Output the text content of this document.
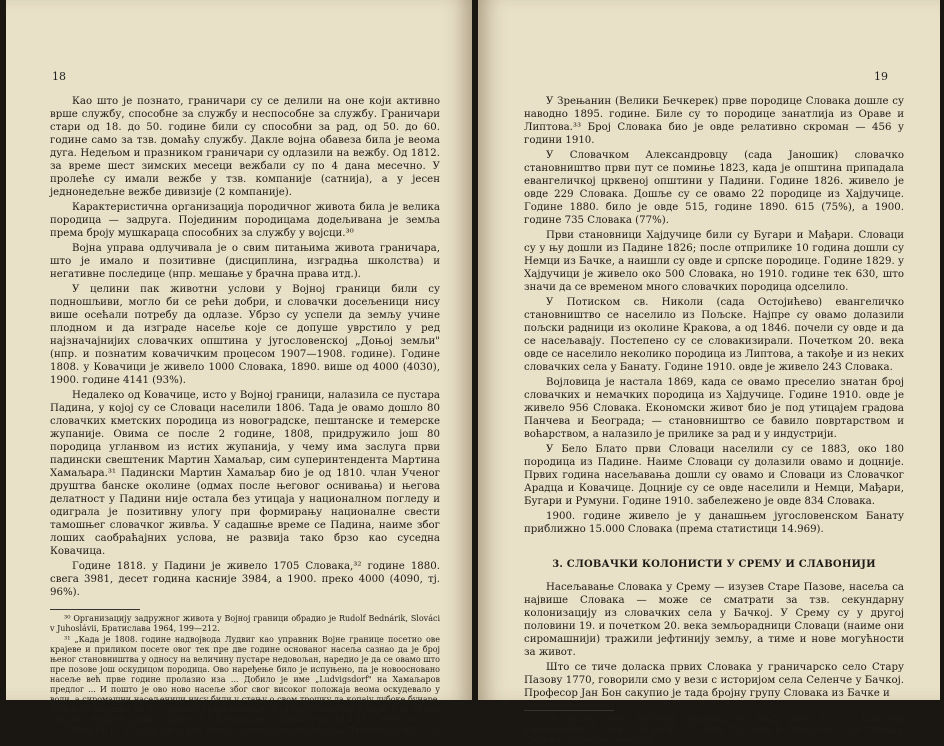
18

Као што је познато, граничари су се делили на оне који активно врше службу, способне за службу и неспособне за службу. Граничари стари од 18. до 50. године били су способни за рад, од 50. до 60. године само за тзв. домаћу службу. Дакле војна обавеза била је веома дуга. Недељом и празником граничари су одлазили на вежбу. Од 1812. за време шест зимских месеци вежбали су по 4 дана месечно. У пролеће су имали вежбе у тзв. компаније (сатнија), а у јесен једнонедељне вежбе дивизије (2 компаније).

Карактеристична организација породичног живота била је велика породица — задруга. Појединим породицама додељивана је земља према броју мушкараца способних за службу у војсци.³⁰

Војна управа одлучивала је о свим питањима живота граничара, што је имало и позитивне (дисциплина, изградња школства) и негативне последице (нпр. мешање у брачна права итд.).

У целини пак животни услови у Војној граници били су подношљиви, могло би се рећи добри, и словачки досељеници нису више осећали потребу да одлазе. Убрзо су успели да земљу учине плодном и да изграде насеље које се допуше уврстило у ред најзначајнијих словачких општина у југословенској „Доњој земљи" (нпр. и познатим ковачичким процесом 1907—1908. године). Године 1808. у Ковачици је живело 1000 Словака, 1890. више од 4000 (4030), 1900. године 4141 (93%).

Недалеко од Ковачице, исто у Војној граници, налазила се пустара Падина, у којој су се Словаци населили 1806. Тада је овамо дошло 80 словачких кметских породица из новоградске, пештанске и темерске жупаније. Овима се после 2 године, 1808, придружило још 80 породица угланвом из истих жупанија, у чему има заслуга први падински свештеник Мартин Хамаљар, сим суперинтендента Мартина Хамаљара.³¹ Падински Мартин Хамаљар био је од 1810. члан Ученог друштва банске околине (одмах после његовог оснивања) и његова делатност у Падини није остала без утицаја у националном погледу и одиграла је позитивну улогу при формирању националне свести тамошњег словачког живља. У садашње време се Падина, наиме због лоших саобраћајних услова, не развија тако брзо као суседна Ковачица.

Године 1818. у Падини је живело 1705 Словака,³² године 1880. свега 3981, десет година касније 3984, а 1900. преко 4000 (4090, тј. 96%).

³⁰ Организацију задружног живота у Војној граници обрадио је Rudolf Bednárik, Slováci v Juhoslávii, Братислава 1964, 199—212.

³¹ „Када је 1808. године надвојвода Лудвиг као управник Војне границе посетио ове крајеве и приликом посете овог тек пре две године основаног насеља сазнао да је број њеног становништва у односу на величину пустаре недовољан, наредио је да се овамо што пре позове још оскудицом породица. Ово наређење било је испуњено, па је новоосновано насеље већ прве године пролазио иза ... Добило је име „Ludvigsdorf" на Хамаљаров предлог ... И пошто је ово ново насеље због свог високог положаја веома оскудевало у води, а сиромашни насељеници нису били у стању о свом трошку да копају дубоке бунаре, Лудвиг је наредио да се о трошку ерара исконају и саздају потребни бунари и да се ови бунари о ерарном трошку одржавају у доброј стању" (Národný kalendár 1925, Petrovac, 51).

³² Kernüch K., A bánáti ágost. hitv. evang. esperesség monographiája, Темишвар 1886, 230.

19

У Зрењанин (Велики Бечкерек) прве породице Словака дошле су наводно 1895. године. Биле су то породице занатлија из Ораве и Липтова.³³ Број Словака био је овде релативно скроман — 456 у години 1910.

У Словачком Александровцу (сада Јаношик) словачко становништво први пут се помиње 1823, када је општина припадала евангеличкој црквеној општини у Падини. Године 1826. живело је овде 229 Словака. Дошље су се овамо 22 породице из Хајдучице. Године 1880. било је овде 515, године 1890. 615 (75%), а 1900. године 735 Словака (77%).

Први становници Хајдучице били су Бугари и Мађари. Словаци су у њу дошли из Падине 1826; после отприлике 10 година дошли су Немци из Бачке, а наишли су овде и српске породице. Године 1829. у Хајдучици је живело око 500 Словака, но 1910. године тек 630, што значи да се временом много словачких породица одселило.

У Потиском св. Николи (сада Остојићево) евангеличко становништво се населило из Пољске. Најпре су овамо долазили пољски радници из околине Кракова, а од 1846. почели су овде и да се насељавају. Постепено су се словакизирали. Почетком 20. века овде се населило неколико породица из Липтова, а такође и из неких словачких села у Банату. Године 1910. овде је живело 243 Словака.

Војловица је настала 1869, када се овамо преселио знатан број словачких и немачких породица из Хајдучице. Године 1910. овде је живело 956 Словака. Економски живот био је под утицајем градова Панчева и Београда; — становништво се бавило повртарством и воћарством, а налазило је прилике за рад и у индустрији.

У Бело Блато први Словаци населили су се 1883, око 180 породица из Падине. Наиме Словаци су долазили овамо и доцније. Првих година насељавања дошли су овамо и Словаци из Словачког Арадца и Ковачице. Доцније су се овде населили и Немци, Мађари, Бугари и Румуни. Године 1910. забележено је овде 834 Словака.

1900. године живело је у данашњем југословенском Банату приближно 15.000 Словака (према статистици 14.969).

3. СЛОВАЧКИ КОЛОНИСТИ У СРЕМУ И СЛАВОНИЈИ

Насељавање Словака у Срему — изузев Старе Пазове, насеља са највише Словака — може се сматрати за тзв. секундарну колонизацију из словачких села у Бачкој. У Срему су у другој половини 19. и почетком 20. века земљорадници Словаци (наиме они сиромашнији) тражили јефтинију земљу, а тиме и нове могућности за живот.

Што се тиче доласка првих Словака у граничарско село Стару Пазову 1770, говорили смо у вези с историјом села Селенче у Бачкој. Професор Јан Бон сакупио је тада бројну групу Словака из Бачке и

³³ L. Jurányi, Velký Bečkerek. Slovenská ev. krest. cirkev a. v. v královstve juhoslovanskom v slove a obrazoch, 171. 1816. год., овде је живело око 1200 Словака, претежно породица занатлија.
